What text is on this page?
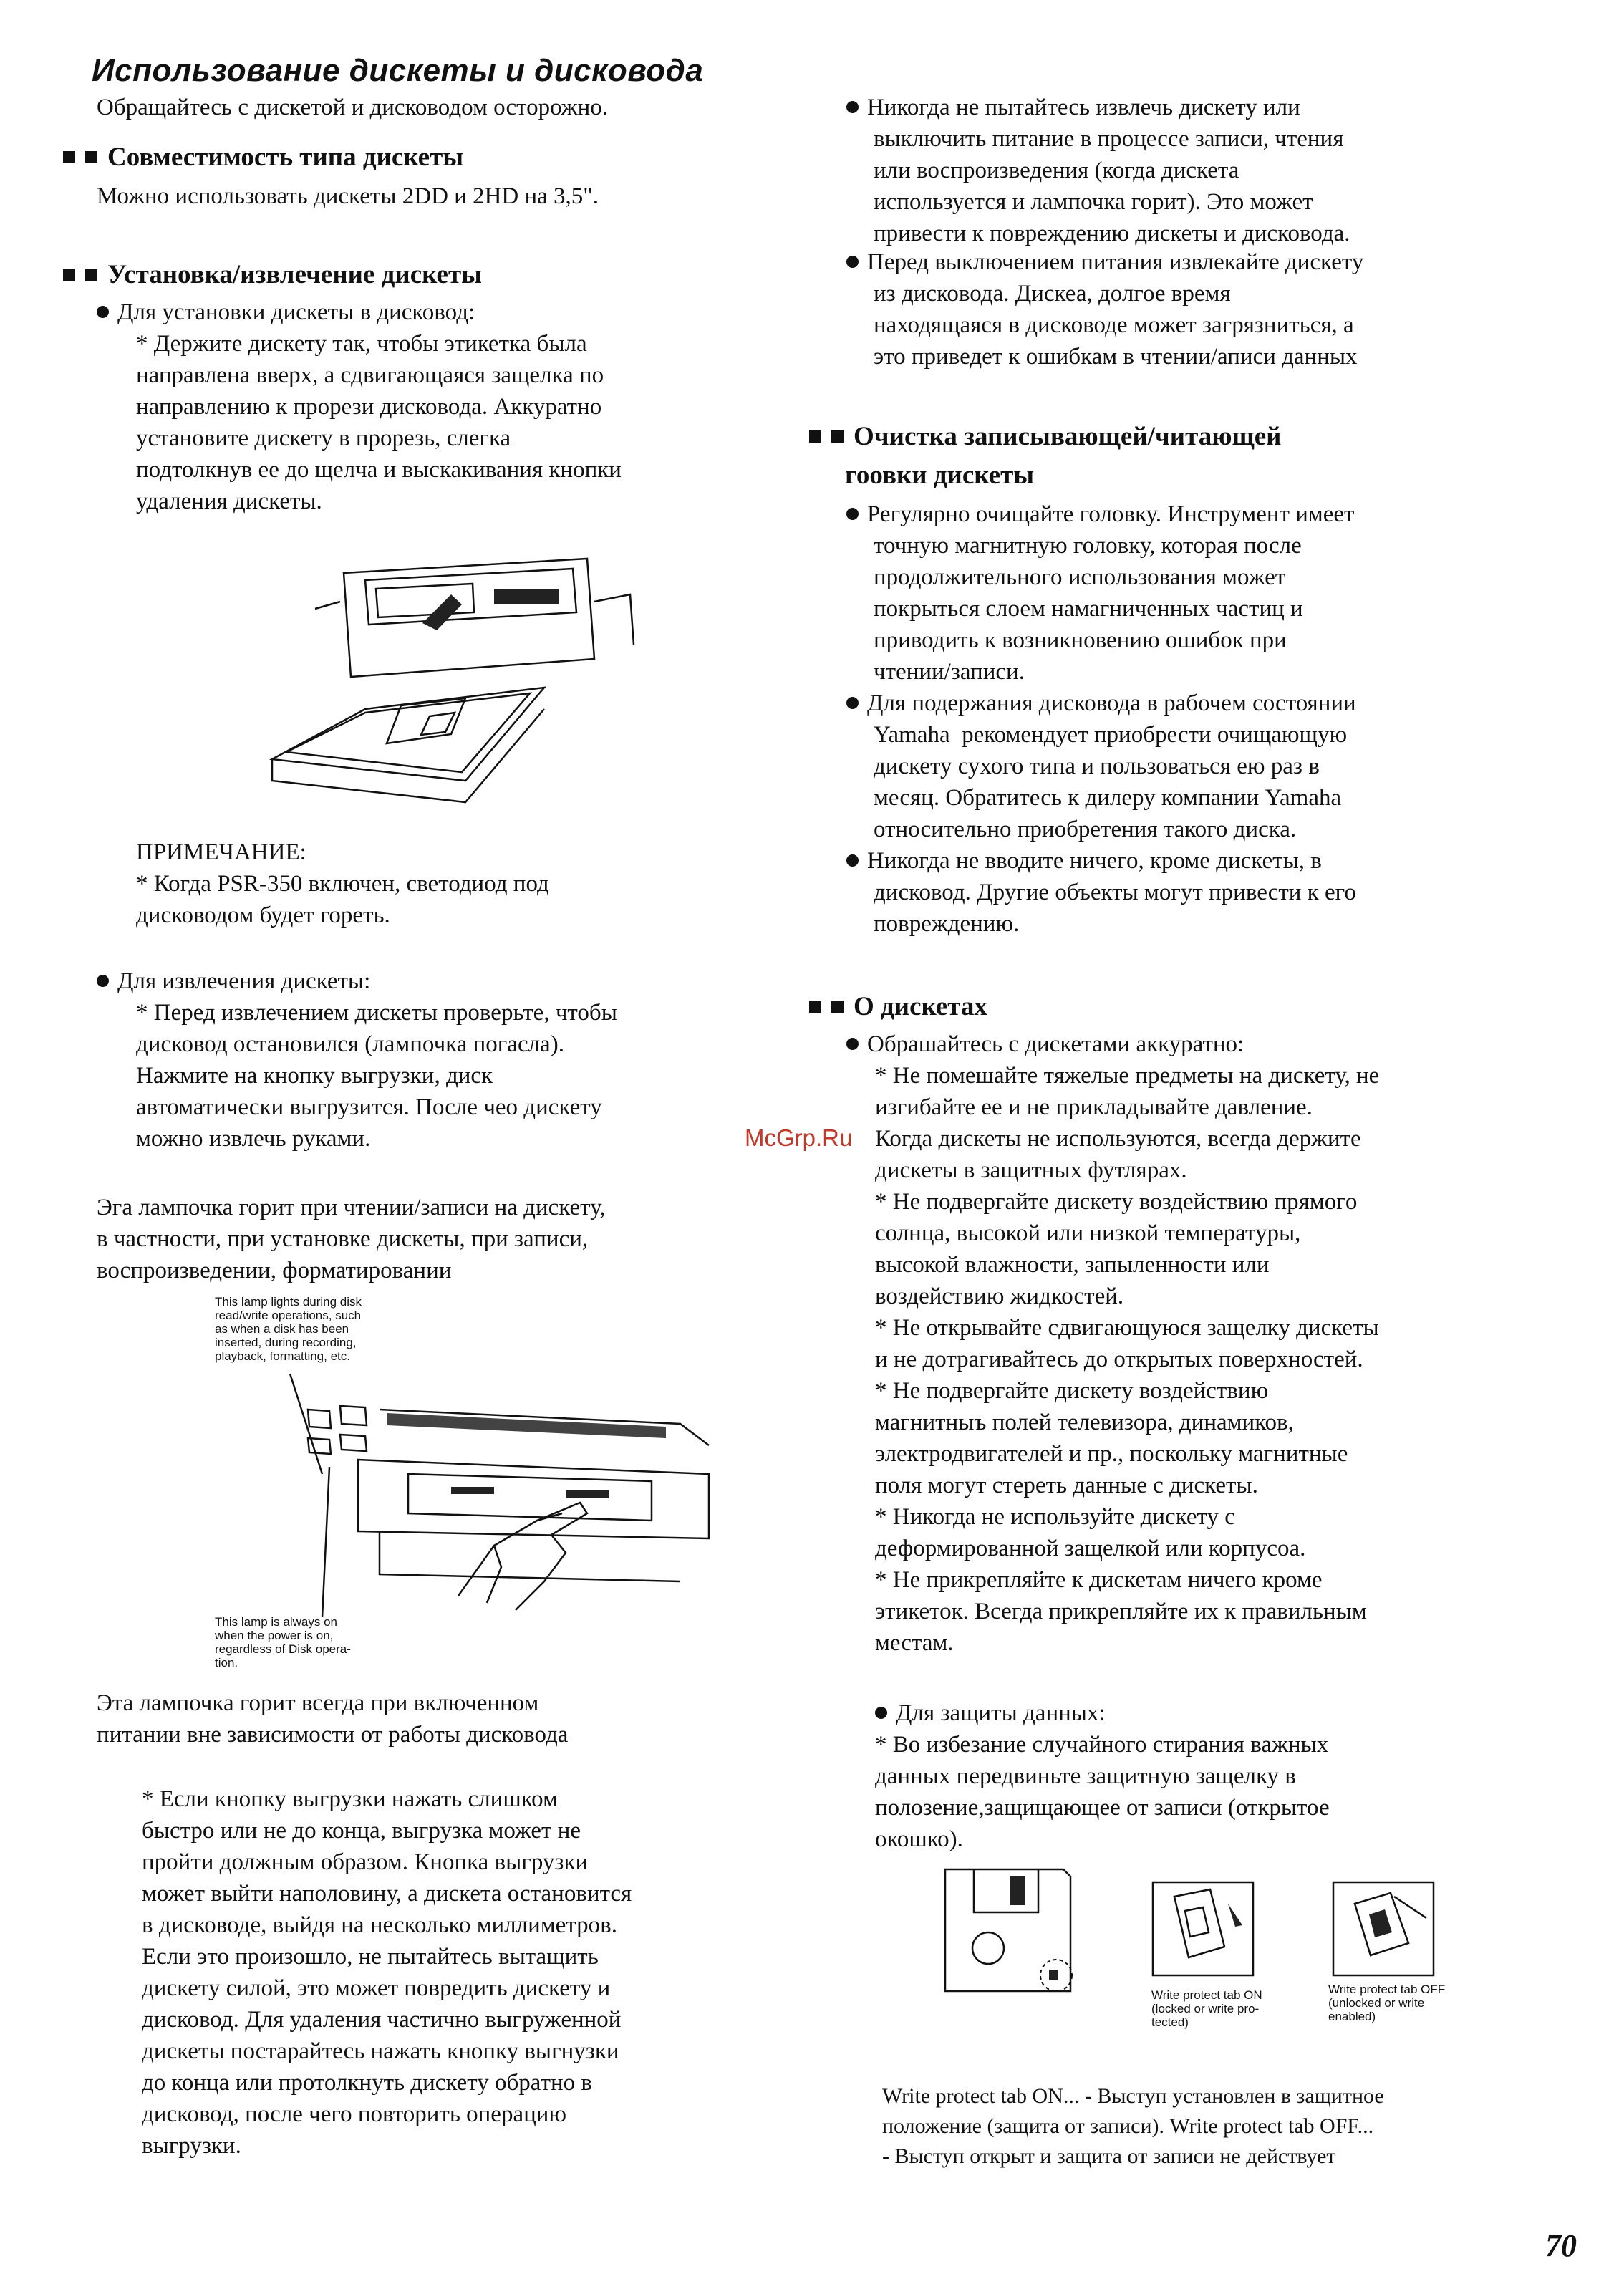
Использование дискеты и дисковода
Обращайтесь с дискетой и дисководом осторожно.
Совместимость типа дискеты
Можно использовать дискеты 2DD и 2HD на 3,5".
Установка/извлечение дискеты
Для установки дискеты в дисковод:
* Держите дискету так, чтобы этикетка была
направлена вверх, а сдвигающаяся защелка по
направлению к прорези дисковода. Аккуратно
установите дискету в прорезь, слегка
подтолкнув ее до щелча и выскакивания кнопки
удаления дискеты.
ПРИМЕЧАНИЕ:
* Когда PSR-350 включен, светодиод под
дисководом будет гореть.
Для извлечения дискеты:
* Перед извлечением дискеты проверьте, чтобы
дисковод остановился (лампочка погасла).
Нажмите на кнопку выгрузки, диск
автоматически выгрузится. После чео дискету
можно извлечь руками.
Эга лампочка горит при чтении/записи на дискету,
в частности, при установке дискеты, при записи,
воспроизведении, форматировании
This lamp lights during disk
read/write operations, such
as when a disk has been
inserted, during recording,
playback, formatting, etc.
This lamp is always on
when the power is on,
regardless of Disk opera-
tion.
Эта лампочка горит всегда при включенном
питании вне зависимости от работы дисковода
* Если кнопку выгрузки нажать слишком
быстро или не до конца, выгрузка может не
пройти должным образом. Кнопка выгрузки
может выйти наполовину, а дискета остановится
в дисководе, выйдя на несколько миллиметров.
Если это произошло, не пытайтесь вытащить
дискету силой, это может повредить дискету и
дисковод. Для удаления частично выгруженной
дискеты постарайтесь нажать кнопку выгнузки
до конца или протолкнуть дискету обратно в
дисковод, после чего повторить операцию
выгрузки.
McGrp.Ru
Никогда не пытайтесь извлечь дискету или
выключить питание в процессе записи, чтения
или воспроизведения (когда дискета
используется и лампочка горит). Это может
привести к повреждению дискеты и дисковода.
Перед выключением питания извлекайте дискету
из дисковода. Дискеа, долгое время
находящаяся в дисководе может загрязниться, а
это приведет к ошибкам в чтении/аписи данных
Очистка записывающей/читающей
гоовки дискеты
Регулярно очищайте головку. Инструмент имеет
точную магнитную головку, которая после
продолжительного использования может
покрыться слоем намагниченных частиц и
приводить к возникновению ошибок при
чтении/записи.
Для подержания дисковода в рабочем состоянии
Yamaha  рекомендует приобрести очищающую
дискету сухого типа и пользоваться ею раз в
месяц. Обратитесь к дилеру компании Yamaha
относительно приобретения такого диска.
Никогда не вводите ничего, кроме дискеты, в
дисковод. Другие объекты могут привести к его
повреждению.
О дискетах
Обрашайтесь с дискетами аккуратно:
* Не помешайте тяжелые предметы на дискету, не
изгибайте ее и не прикладывайте давление.
Когда дискеты не используются, всегда держите
дискеты в защитных футлярах.
* Не подвергайте дискету воздействию прямого
солнца, высокой или низкой температуры,
высокой влажности, запыленности или
воздействию жидкостей.
* Не открывайте сдвигающуюся защелку дискеты
и не дотрагивайтесь до открытых поверхностей.
* Не подвергайте дискету воздействию
магнитныъ полей телевизора, динамиков,
электродвигателей и пр., поскольку магнитные
поля могут стереть данные с дискеты.
* Никогда не используйте дискету с
деформированной защелкой или корпусоа.
* Не прикрепляйте к дискетам ничего кроме
этикеток. Всегда прикрепляйте их к правильным
местам.
Для защиты данных:
* Во избезание случайного стирания важных
данных передвиньте защитную защелку в
полозение,защищающее от записи (открытое
окошко).
Write protect tab ON
(locked or write pro-
tected)
Write protect tab OFF
(unlocked or write
enabled)
Write protect tab ON... - Выступ установлен в защитное
положение (защита от записи). Write protect tab OFF...
- Выступ открыт и защита от записи не действует
70
